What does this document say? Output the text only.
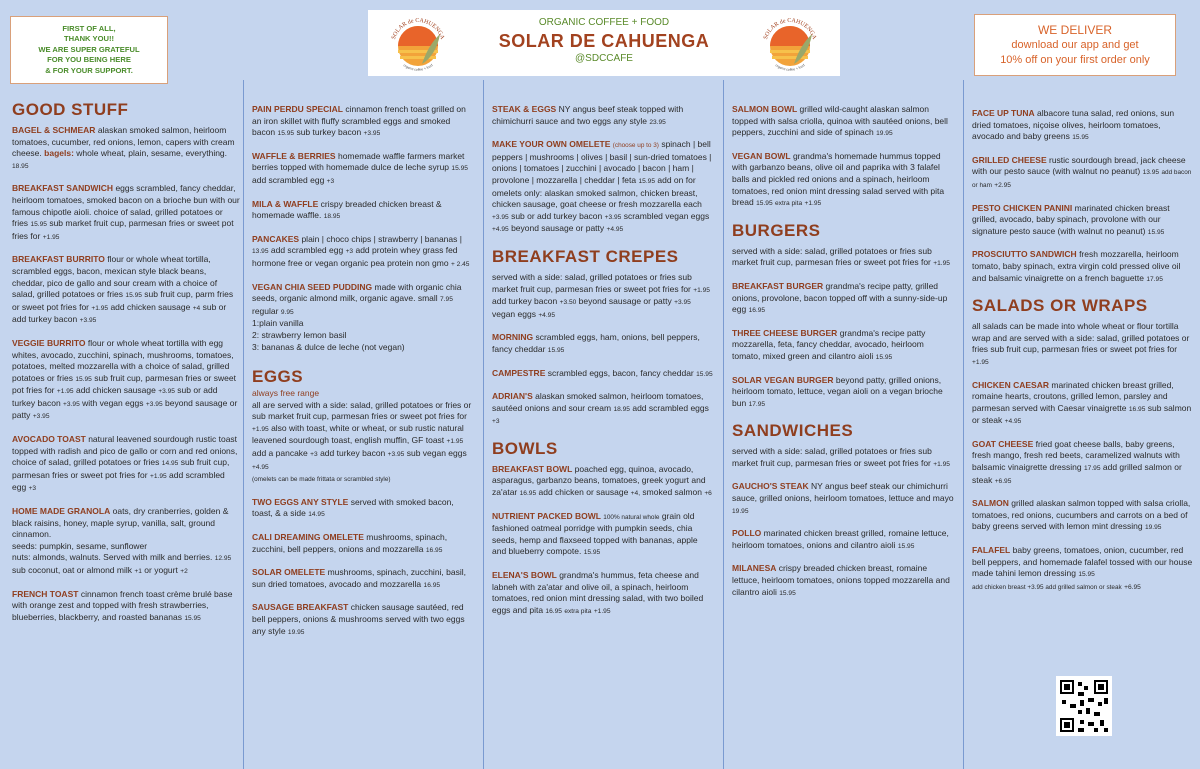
FIRST OF ALL,
THANK YOU!!
WE ARE SUPER GRATEFUL
FOR YOU BEING HERE
& FOR YOUR SUPPORT.
SOLAR de CAHUENGA
organic coffee + food
ORGANIC COFFEE + FOOD
SOLAR DE CAHUENGA
@SDCCAFE
SOLAR de CAHUENGA
organic coffee + food
WE DELIVER
download our app and get
10% off on your first order only
GOOD STUFF
BAGEL & SCHMEAR alaskan smoked salmon, heirloom tomatoes, cucumber, red onions, lemon, capers with cream cheese. bagels: whole wheat, plain, sesame, everything. 18.95
BREAKFAST SANDWICH eggs scrambled, fancy cheddar, heirloom tomatoes, smoked bacon on a brioche bun with our famous chipotle aioli. choice of salad, grilled potatoes or fries 15.95 sub market fruit cup, parmesan fries or sweet pot fries for +1.95
BREAKFAST BURRITO flour or whole wheat tortilla, scrambled eggs, bacon, mexican style black beans, cheddar, pico de gallo and sour cream with a choice of salad, grilled potatoes or fries 15.95 sub fruit cup, parm fries or sweet pot fries for +1.95 add chicken sausage +4 sub or add turkey bacon +3.95
VEGGIE BURRITO flour or whole wheat tortilla with egg whites, avocado, zucchini, spinach, mushrooms, tomatoes, potatoes, melted mozzarella with a choice of salad, grilled potatoes or fries 15.95 sub fruit cup, parmesan fries or sweet pot fries for +1.95 add chicken sausage +3.95 sub or add turkey bacon +3.95 with vegan eggs +3.95 beyond sausage or patty +3.95
AVOCADO TOAST natural leavened sourdough rustic toast topped with radish and pico de gallo or corn and red onions, choice of salad, grilled potatoes or fries 14.95 sub fruit cup, parmesan fries or sweet pot fries for +1.95 add scrambled egg +3
HOME MADE GRANOLA oats, dry cranberries, golden & black raisins, honey, maple syrup, vanilla, salt, ground cinnamon.
seeds: pumpkin, sesame, sunflower
nuts: almonds, walnuts. Served with milk and berries. 12.95 sub coconut, oat or almond milk +1 or yogurt +2
FRENCH TOAST cinnamon french toast crème brulé base with orange zest and topped with fresh strawberries, blueberries, blackberry, and roasted bananas 15.95
PAIN PERDU SPECIAL cinnamon french toast grilled on an iron skillet with fluffy scrambled eggs and smoked bacon 15.95 sub turkey bacon +3.95
WAFFLE & BERRIES homemade waffle farmers market berries topped with homemade dulce de leche syrup 15.95 add scrambled egg +3
MILA & WAFFLE crispy breaded chicken breast & homemade waffle. 18.95
PANCAKES plain | choco chips | strawberry | bananas | 13.95 add scrambled egg +3 add protein whey grass fed hormone free or vegan organic pea protein non gmo + 2.45
VEGAN CHIA SEED PUDDING made with organic chia seeds, organic almond milk, organic agave. small 7.95 regular 9.95
1:plain vanilla
2: strawberry lemon basil
3: bananas & dulce de leche (not vegan)
EGGS
always free range
all are served with a side: salad, grilled potatoes or fries or sub market fruit cup, parmesan fries or sweet pot fries for +1.95 also with toast, white or wheat, or sub rustic natural leavened sourdough toast, english muffin, GF toast +1.95 add a pancake +3 add turkey bacon +3.95 sub vegan eggs +4.95
(omelets can be made frittata or scrambled style)
TWO EGGS ANY STYLE served with smoked bacon, toast, & a side 14.95
CALI DREAMING OMELETE mushrooms, spinach, zucchini, bell peppers, onions and mozzarella 16.95
SOLAR OMELETE mushrooms, spinach, zucchini, basil, sun dried tomatoes, avocado and mozzarella 16.95
SAUSAGE BREAKFAST chicken sausage sautéed, red bell peppers, onions & mushrooms served with two eggs any style 19.95
STEAK & EGGS NY angus beef steak topped with chimichurri sauce and two eggs any style 23.95
MAKE YOUR OWN OMELETE (choose up to 3) spinach | bell peppers | mushrooms | olives | basil | sun-dried tomatoes | onions | tomatoes | zucchini | avocado | bacon | ham | provolone | mozzarella | cheddar | feta 15.95 add on for omelets only: alaskan smoked salmon, chicken breast, chicken sausage, goat cheese or fresh mozzarella each +3.95 sub or add turkey bacon +3.95 scrambled vegan eggs +4.95 beyond sausage or patty +4.95
BREAKFAST CREPES
served with a side: salad, grilled potatoes or fries sub market fruit cup, parmesan fries or sweet pot fries for +1.95 add turkey bacon +3.50 beyond sausage or patty +3.95 vegan eggs +4.95
MORNING scrambled eggs, ham, onions, bell peppers, fancy cheddar 15.95
CAMPESTRE scrambled eggs, bacon, fancy cheddar 15.95
ADRIAN'S alaskan smoked salmon, heirloom tomatoes, sautéed onions and sour cream 18.95 add scrambled eggs +3
BOWLS
BREAKFAST BOWL poached egg, quinoa, avocado, asparagus, garbanzo beans, tomatoes, greek yogurt and za'atar 16.95 add chicken or sausage +4, smoked salmon +6
NUTRIENT PACKED BOWL 100% natural whole grain old fashioned oatmeal porridge with pumpkin seeds, chia seeds, hemp and flaxseed topped with bananas, apple and blueberry compote. 15.95
ELENA'S BOWL grandma's hummus, feta cheese and labneh with za'atar and olive oil, a spinach, heirloom tomatoes, red onion mint dressing salad, with two boiled eggs and pita 16.95 extra pita +1.95
SALMON BOWL grilled wild-caught alaskan salmon topped with salsa criolla, quinoa with sautéed onions, bell peppers, zucchini and side of spinach 19.95
VEGAN BOWL grandma's homemade hummus topped with garbanzo beans, olive oil and paprika with 3 falafel balls and pickled red onions and a spinach, heirloom tomatoes, red onion mint dressing salad served with pita bread 15.95 extra pita +1.95
BURGERS
served with a side: salad, grilled potatoes or fries sub market fruit cup, parmesan fries or sweet pot fries for +1.95
BREAKFAST BURGER grandma's recipe patty, grilled onions, provolone, bacon topped off with a sunny-side-up egg 16.95
THREE CHEESE BURGER grandma's recipe patty mozzarella, feta, fancy cheddar, avocado, heirloom tomato, mixed green and cilantro aioli 15.95
SOLAR VEGAN BURGER beyond patty, grilled onions, heirloom tomato, lettuce, vegan aioli on a vegan brioche bun 17.95
SANDWICHES
served with a side: salad, grilled potatoes or fries sub market fruit cup, parmesan fries or sweet pot fries for +1.95
GAUCHO'S STEAK NY angus beef steak our chimichurri sauce, grilled onions, heirloom tomatoes, lettuce and mayo 19.95
POLLO marinated chicken breast grilled, romaine lettuce, heirloom tomatoes, onions and cilantro aioli 15.95
MILANESA crispy breaded chicken breast, romaine lettuce, heirloom tomatoes, onions topped mozzarella and cilantro aioli 15.95
FACE UP TUNA albacore tuna salad, red onions, sun dried tomatoes, niçoise olives, heirloom tomatoes, avocado and baby greens 15.95
GRILLED CHEESE rustic sourdough bread, jack cheese with our pesto sauce (with walnut no peanut) 13.95 add bacon or ham +2.95
PESTO CHICKEN PANINI marinated chicken breast grilled, avocado, baby spinach, provolone with our signature pesto sauce (with walnut no peanut) 15.95
PROSCIUTTO SANDWICH fresh mozzarella, heirloom tomato, baby spinach, extra virgin cold pressed olive oil and balsamic vinaigrette on a french baguette 17.95
SALADS OR WRAPS
all salads can be made into whole wheat or flour tortilla wrap and are served with a side: salad, grilled potatoes or fries sub fruit cup, parmesan fries or sweet pot fries for +1.95
CHICKEN CAESAR marinated chicken breast grilled, romaine hearts, croutons, grilled lemon, parsley and parmesan served with Caesar vinaigrette 16.95 sub salmon or steak +4.95
GOAT CHEESE fried goat cheese balls, baby greens, fresh mango, fresh red beets, caramelized walnuts with balsamic vinaigrette dressing 17.95 add grilled salmon or steak +6.95
SALMON grilled alaskan salmon topped with salsa criolla, tomatoes, red onions, cucumbers and carrots on a bed of baby greens served with lemon mint dressing 19.95
FALAFEL baby greens, tomatoes, onion, cucumber, red bell peppers, and homemade falafel tossed with our house made tahini lemon dressing 15.95
add chicken breast +3.95 add grilled salmon or steak +6.95
